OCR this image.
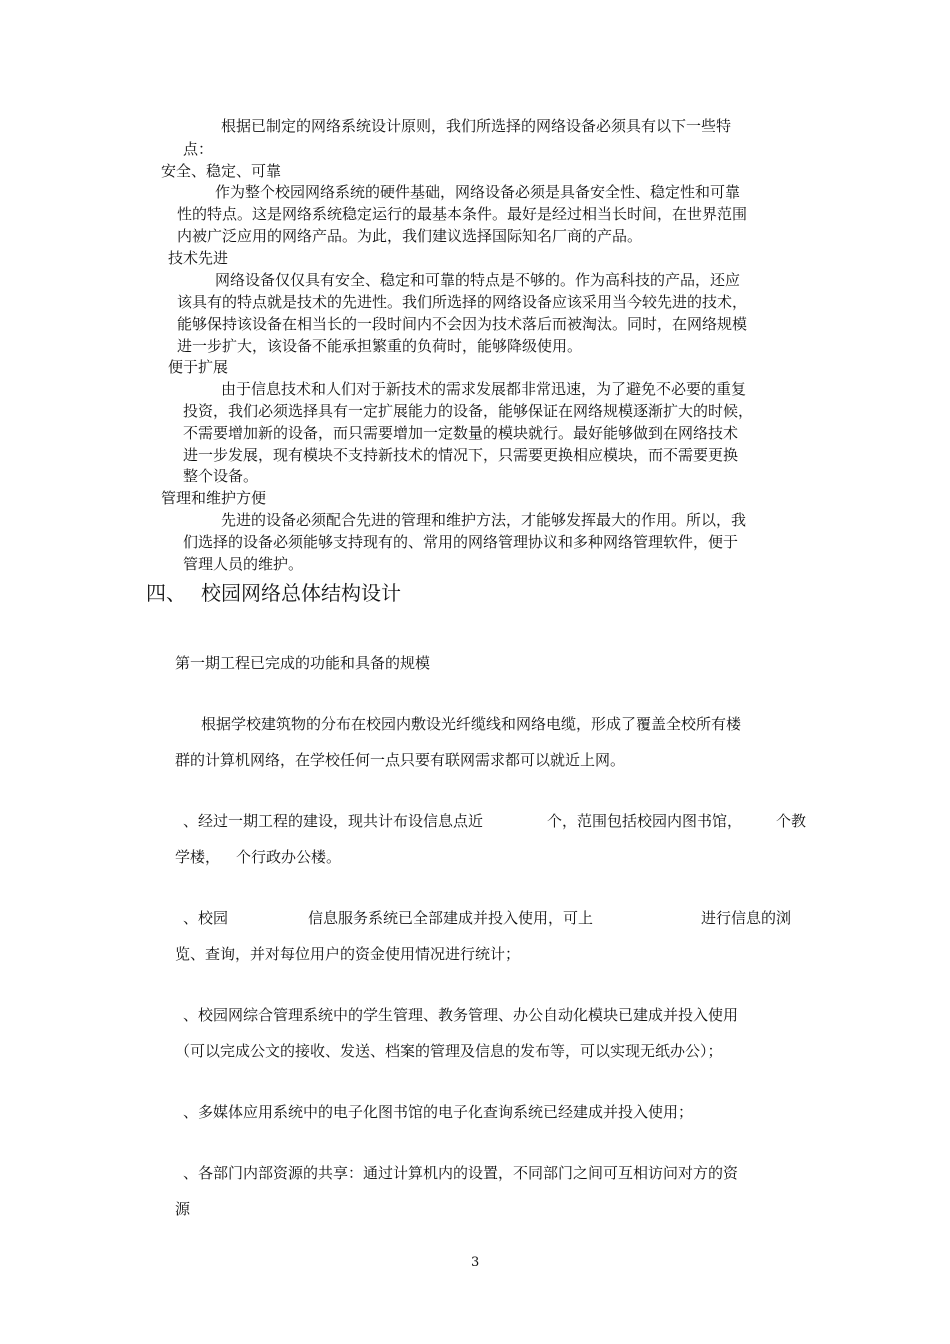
根据已制定的网络系统设计原则，我们所选择的网络设备必须具有以下一些特
点：
安全、稳定、可靠
作为整个校园网络系统的硬件基础，网络设备必须是具备安全性、稳定性和可靠
性的特点。这是网络系统稳定运行的最基本条件。最好是经过相当长时间，在世界范围
内被广泛应用的网络产品。为此，我们建议选择国际知名厂商的产品。
技术先进
网络设备仅仅具有安全、稳定和可靠的特点是不够的。作为高科技的产品，还应
该具有的特点就是技术的先进性。我们所选择的网络设备应该采用当今较先进的技术，
能够保持该设备在相当长的一段时间内不会因为技术落后而被淘汰。同时，在网络规模
进一步扩大，该设备不能承担繁重的负荷时，能够降级使用。
便于扩展
由于信息技术和人们对于新技术的需求发展都非常迅速，为了避免不必要的重复
投资，我们必须选择具有一定扩展能力的设备，能够保证在网络规模逐渐扩大的时候，
不需要增加新的设备，而只需要增加一定数量的模块就行。最好能够做到在网络技术
进一步发展，现有模块不支持新技术的情况下，只需要更换相应模块，而不需要更换
整个设备。
管理和维护方便
先进的设备必须配合先进的管理和维护方法，才能够发挥最大的作用。所以，我
们选择的设备必须能够支持现有的、常用的网络管理协议和多种网络管理软件，便于
管理人员的维护。
四、 校园网络总体结构设计
第一期工程已完成的功能和具备的规模
根据学校建筑物的分布在校园内敷设光纤缆线和网络电缆，形成了覆盖全校所有楼
群的计算机网络，在学校任何一点只要有联网需求都可以就近上网。
、经过一期工程的建设，现共计布设信息点近	个，范围包括校园内图书馆， 个教
学楼， 个行政办公楼。
、校园	信息服务系统已全部建成并投入使用，可上	进行信息的浏
览、查询，并对每位用户的资金使用情况进行统计；
、校园网综合管理系统中的学生管理、教务管理、办公自动化模块已建成并投入使用
（可以完成公文的接收、发送、档案的管理及信息的发布等，可以实现无纸办公）；
、多媒体应用系统中的电子化图书馆的电子化查询系统已经建成并投入使用；
、各部门内部资源的共享：通过计算机内的设置，不同部门之间可互相访问对方的资
源
3
